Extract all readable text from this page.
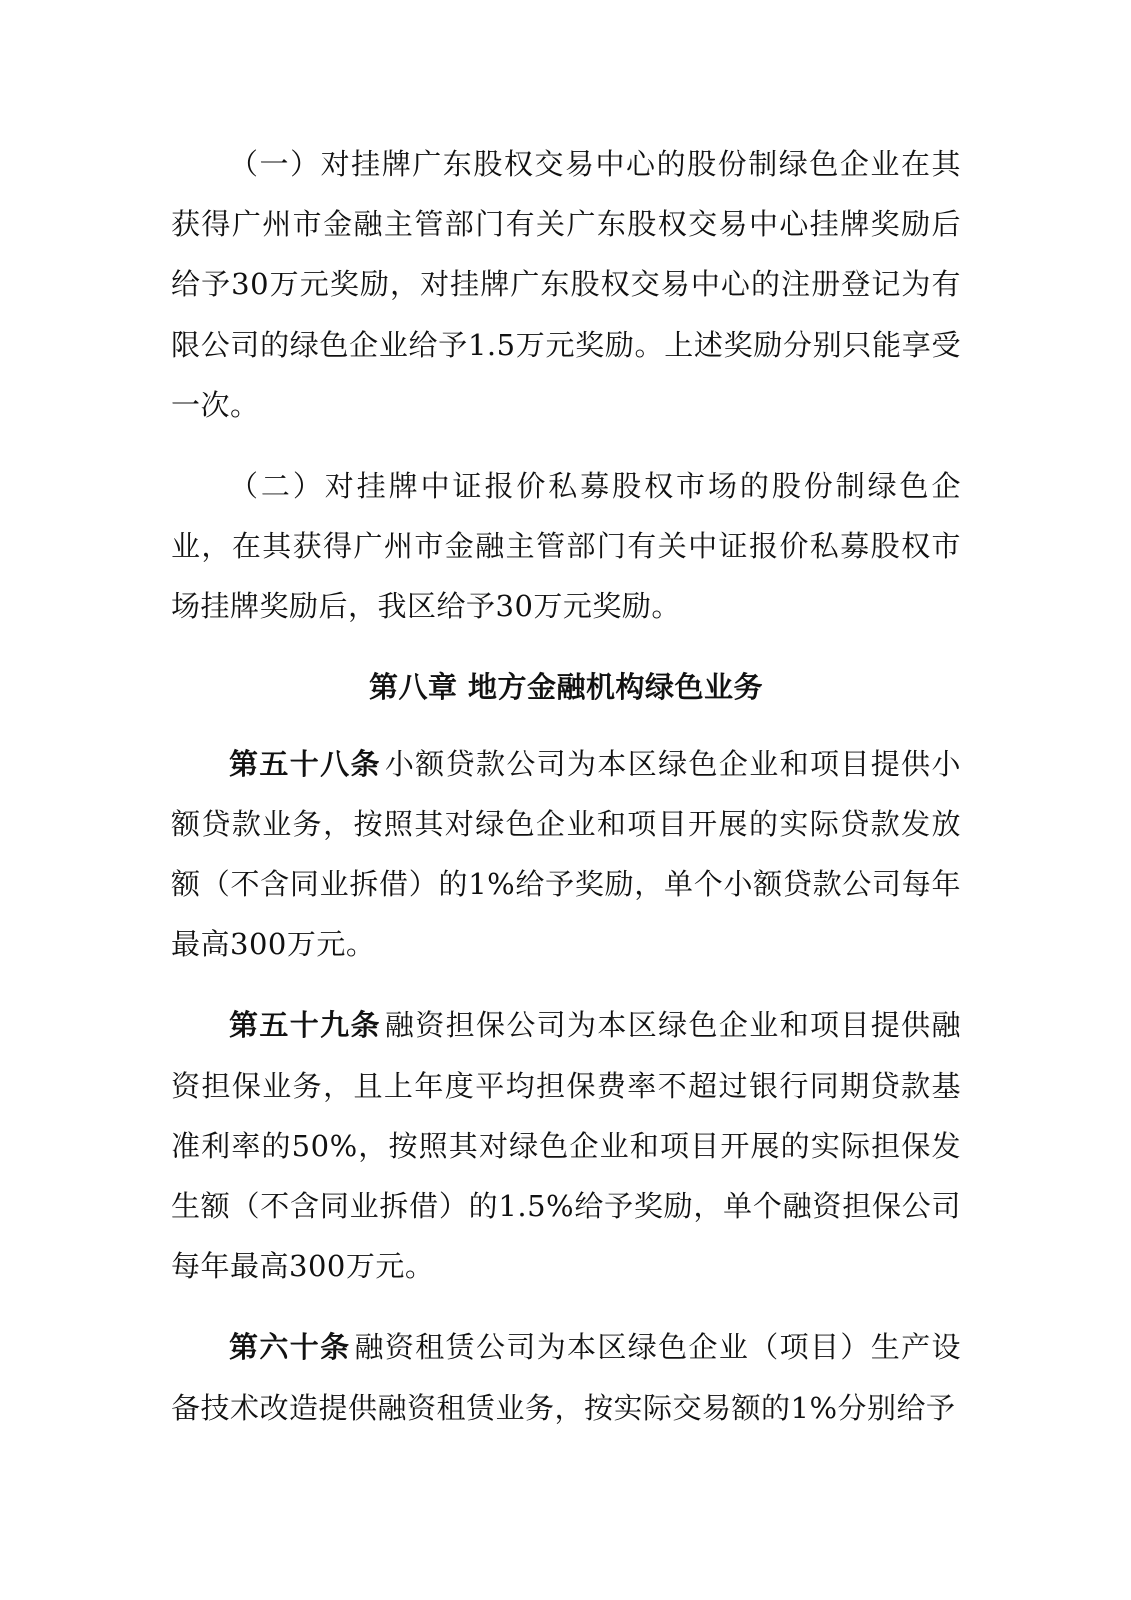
（一）对挂牌广东股权交易中心的股份制绿色企业在其获得广州市金融主管部门有关广东股权交易中心挂牌奖励后给予30万元奖励，对挂牌广东股权交易中心的注册登记为有限公司的绿色企业给予1.5万元奖励。上述奖励分别只能享受一次。

（二）对挂牌中证报价私募股权市场的股份制绿色企业，在其获得广州市金融主管部门有关中证报价私募股权市场挂牌奖励后，我区给予30万元奖励。

第八章 地方金融机构绿色业务

第五十八条 小额贷款公司为本区绿色企业和项目提供小额贷款业务，按照其对绿色企业和项目开展的实际贷款发放额（不含同业拆借）的1%给予奖励，单个小额贷款公司每年最高300万元。

第五十九条 融资担保公司为本区绿色企业和项目提供融资担保业务，且上年度平均担保费率不超过银行同期贷款基准利率的50%，按照其对绿色企业和项目开展的实际担保发生额（不含同业拆借）的1.5%给予奖励，单个融资担保公司每年最高300万元。

第六十条 融资租赁公司为本区绿色企业（项目）生产设备技术改造提供融资租赁业务，按实际交易额的1%分别给予
